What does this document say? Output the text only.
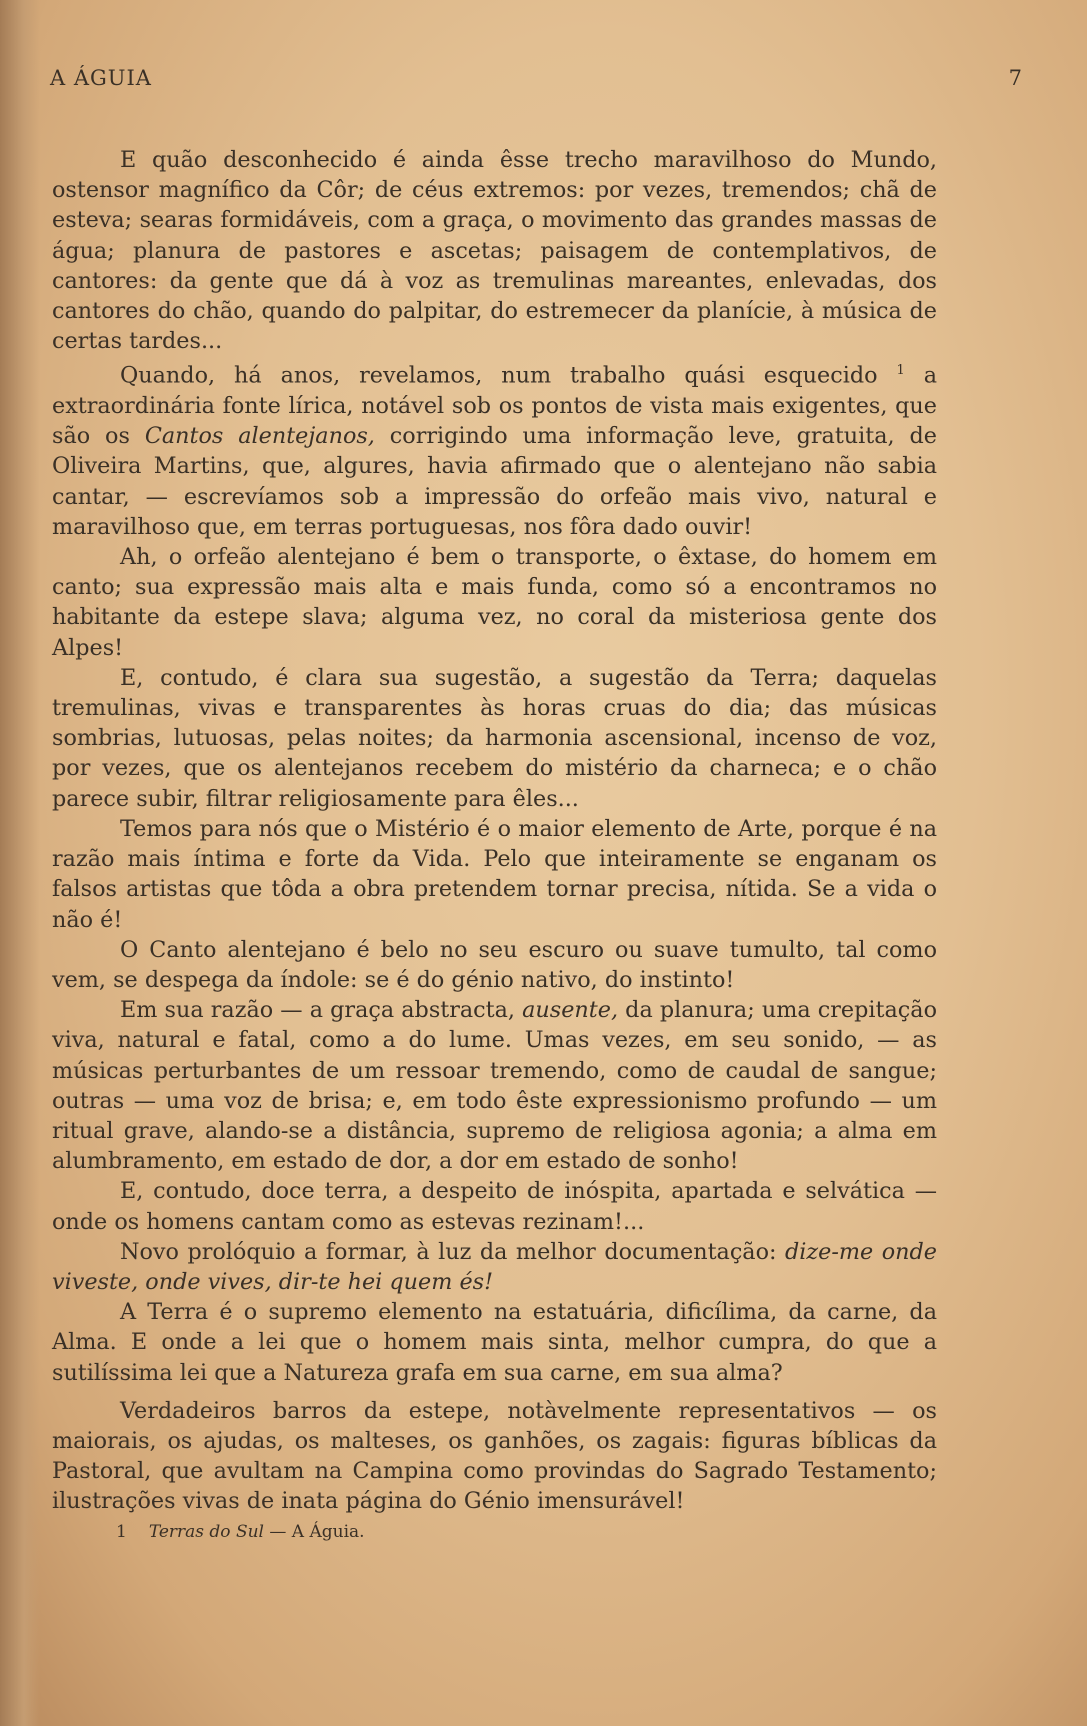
A ÁGUIA	7

E quão desconhecido é ainda êsse trecho maravilhoso do Mundo, ostensor magnífico da Côr; de céus extremos: por vezes, tremendos; chã de esteva; searas formidáveis, com a graça, o movimento das grandes massas de água; planura de pastores e ascetas; paisagem de contemplativos, de cantores: da gente que dá à voz as tremulinas mareantes, enlevadas, dos cantores do chão, quando do palpitar, do estremecer da planície, à música de certas tardes...

Quando, há anos, revelamos, num trabalho quási esquecido $^1$ a extraordinária fonte lírica, notável sob os pontos de vista mais exigentes, que são os Cantos alentejanos, corrigindo uma informação leve, gratuita, de Oliveira Martins, que, algures, havia afirmado que o alentejano não sabia cantar, — escrevíamos sob a impressão do orfeão mais vivo, natural e maravilhoso que, em terras portuguesas, nos fôra dado ouvir!

Ah, o orfeão alentejano é bem o transporte, o êxtase, do homem em canto; sua expressão mais alta e mais funda, como só a encontramos no habitante da estepe slava; alguma vez, no coral da misteriosa gente dos Alpes!

E, contudo, é clara sua sugestão, a sugestão da Terra; daquelas tremulinas, vivas e transparentes às horas cruas do dia; das músicas sombrias, lutuosas, pelas noites; da harmonia ascensional, incenso de voz, por vezes, que os alentejanos recebem do mistério da charneca; e o chão parece subir, filtrar religiosamente para êles...

Temos para nós que o Mistério é o maior elemento de Arte, porque é na razão mais íntima e forte da Vida. Pelo que inteiramente se enganam os falsos artistas que tôda a obra pretendem tornar precisa, nítida. Se a vida o não é!

O Canto alentejano é belo no seu escuro ou suave tumulto, tal como vem, se despega da índole: se é do génio nativo, do instinto!

Em sua razão — a graça abstracta, ausente, da planura; uma crepitação viva, natural e fatal, como a do lume. Umas vezes, em seu sonido, — as músicas perturbantes de um ressoar tremendo, como de caudal de sangue; outras — uma voz de brisa; e, em todo êste expressionismo profundo — um ritual grave, alando-se a distância, supremo de religiosa agonia; a alma em alumbramento, em estado de dor, a dor em estado de sonho!

E, contudo, doce terra, a despeito de inóspita, apartada e selvática — onde os homens cantam como as estevas rezinam!...

Novo prolóquio a formar, à luz da melhor documentação: dize-me onde viveste, onde vives, dir-te hei quem és!

A Terra é o supremo elemento na estatuária, dificílima, da carne, da Alma. E onde a lei que o homem mais sinta, melhor cumpra, do que a sutilíssima lei que a Natureza grafa em sua carne, em sua alma?

Verdadeiros barros da estepe, notàvelmente representativos — os maiorais, os ajudas, os malteses, os ganhões, os zagais: figuras bíblicas da Pastoral, que avultam na Campina como provindas do Sagrado Testamento; ilustrações vivas de inata página do Génio imensurável!

1 Terras do Sul — A Águia.
